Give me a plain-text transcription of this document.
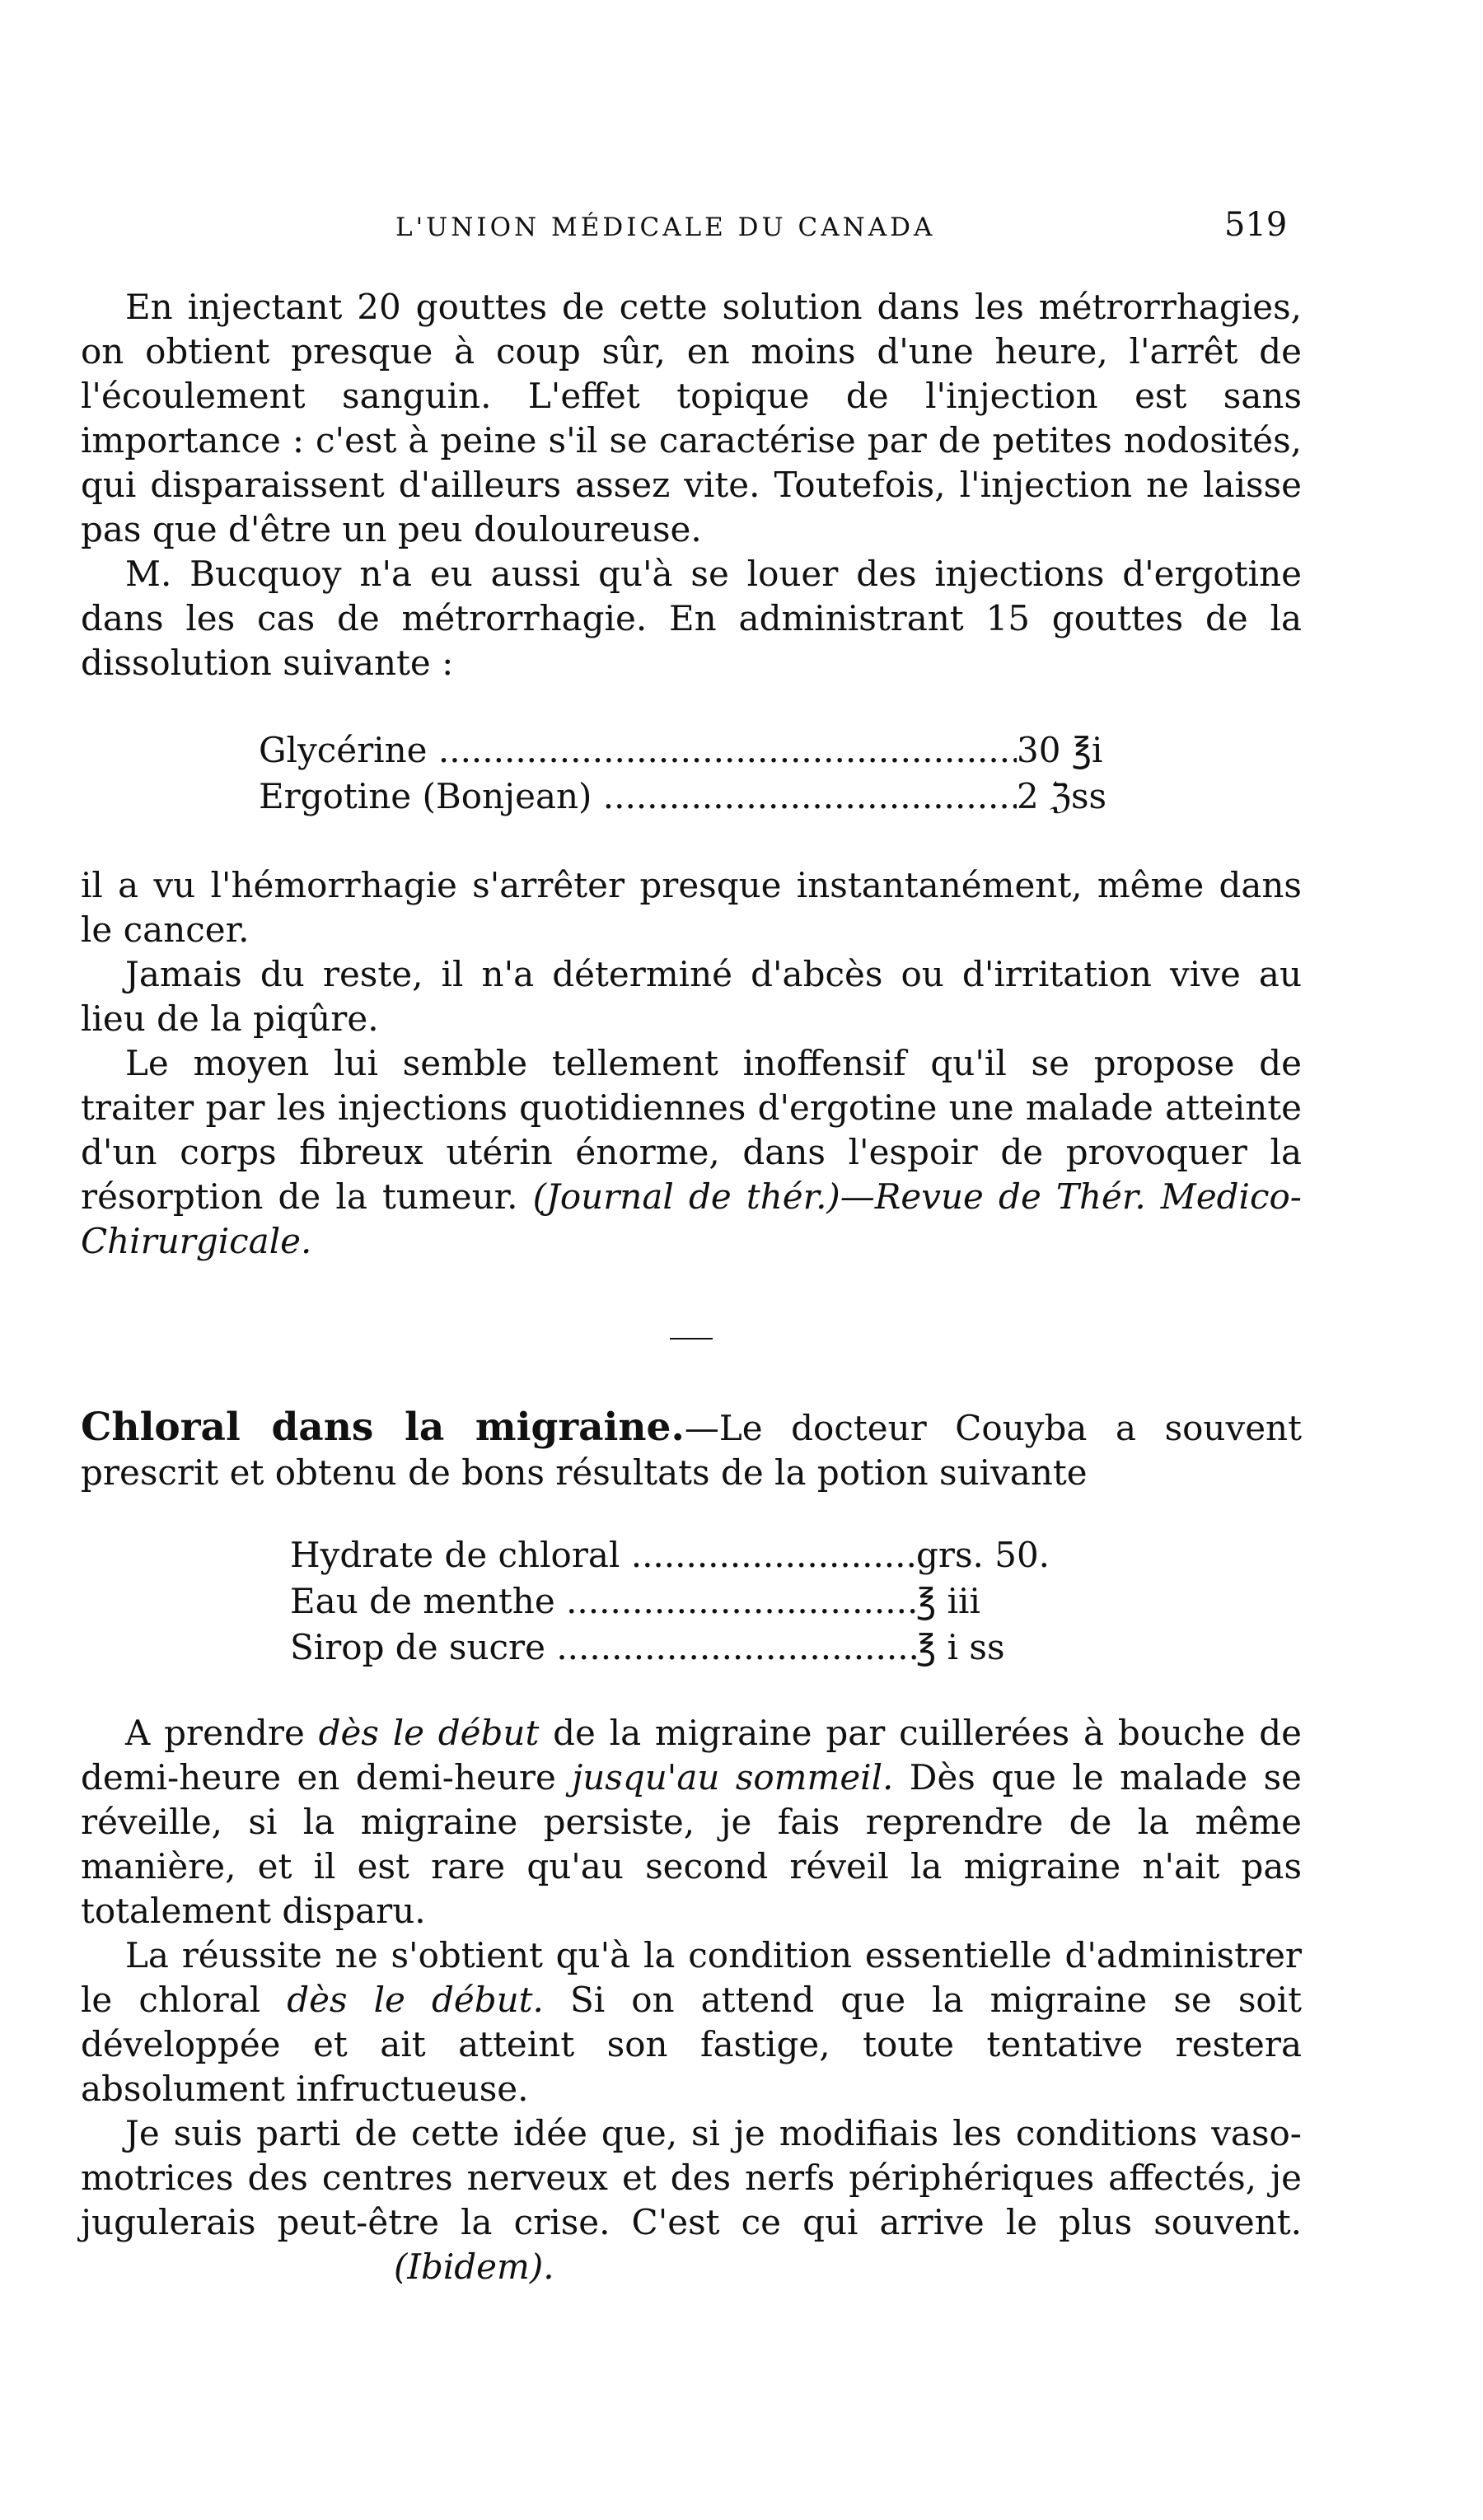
L'UNION MÉDICALE DU CANADA	519

En injectant 20 gouttes de cette solution dans les métrorrhagies, on obtient presque à coup sûr, en moins d'une heure, l'arrêt de l'écoulement sanguin. L'effet topique de l'injection est sans importance : c'est à peine s'il se caractérise par de petites nodosités, qui disparaissent d'ailleurs assez vite. Toutefois, l'injection ne laisse pas que d'être un peu douloureuse.

M. Bucquoy n'a eu aussi qu'à se louer des injections d'ergotine dans les cas de métrorrhagie. En administrant 15 gouttes de la dissolution suivante :

Glycérine .....	30 ℥i
Ergotine (Bonjean) .....	2 ℨss

il a vu l'hémorrhagie s'arrêter presque instantanément, même dans le cancer.

Jamais du reste, il n'a déterminé d'abcès ou d'irritation vive au lieu de la piqûre.

Le moyen lui semble tellement inoffensif qu'il se propose de traiter par les injections quotidiennes d'ergotine une malade atteinte d'un corps fibreux utérin énorme, dans l'espoir de provoquer la résorption de la tumeur. (Journal de thér.)—Revue de Thér. Medico-Chirurgicale.

Chloral dans la migraine.—Le docteur Couyba a souvent prescrit et obtenu de bons résultats de la potion suivante

Hydrate de chloral .....	grs. 50.
Eau de menthe .....	℥ iii
Sirop de sucre .....	℥ i ss

A prendre dès le début de la migraine par cuillerées à bouche de demi-heure en demi-heure jusqu'au sommeil. Dès que le malade se réveille, si la migraine persiste, je fais reprendre de la même manière, et il est rare qu'au second réveil la migraine n'ait pas totalement disparu.

La réussite ne s'obtient qu'à la condition essentielle d'administrer le chloral dès le début. Si on attend que la migraine se soit développée et ait atteint son fastige, toute tentative restera absolument infructueuse.

Je suis parti de cette idée que, si je modifiais les conditions vaso-motrices des centres nerveux et des nerfs périphériques affectés, je jugulerais peut-être la crise. C'est ce qui arrive le plus souvent. (Ibidem).
